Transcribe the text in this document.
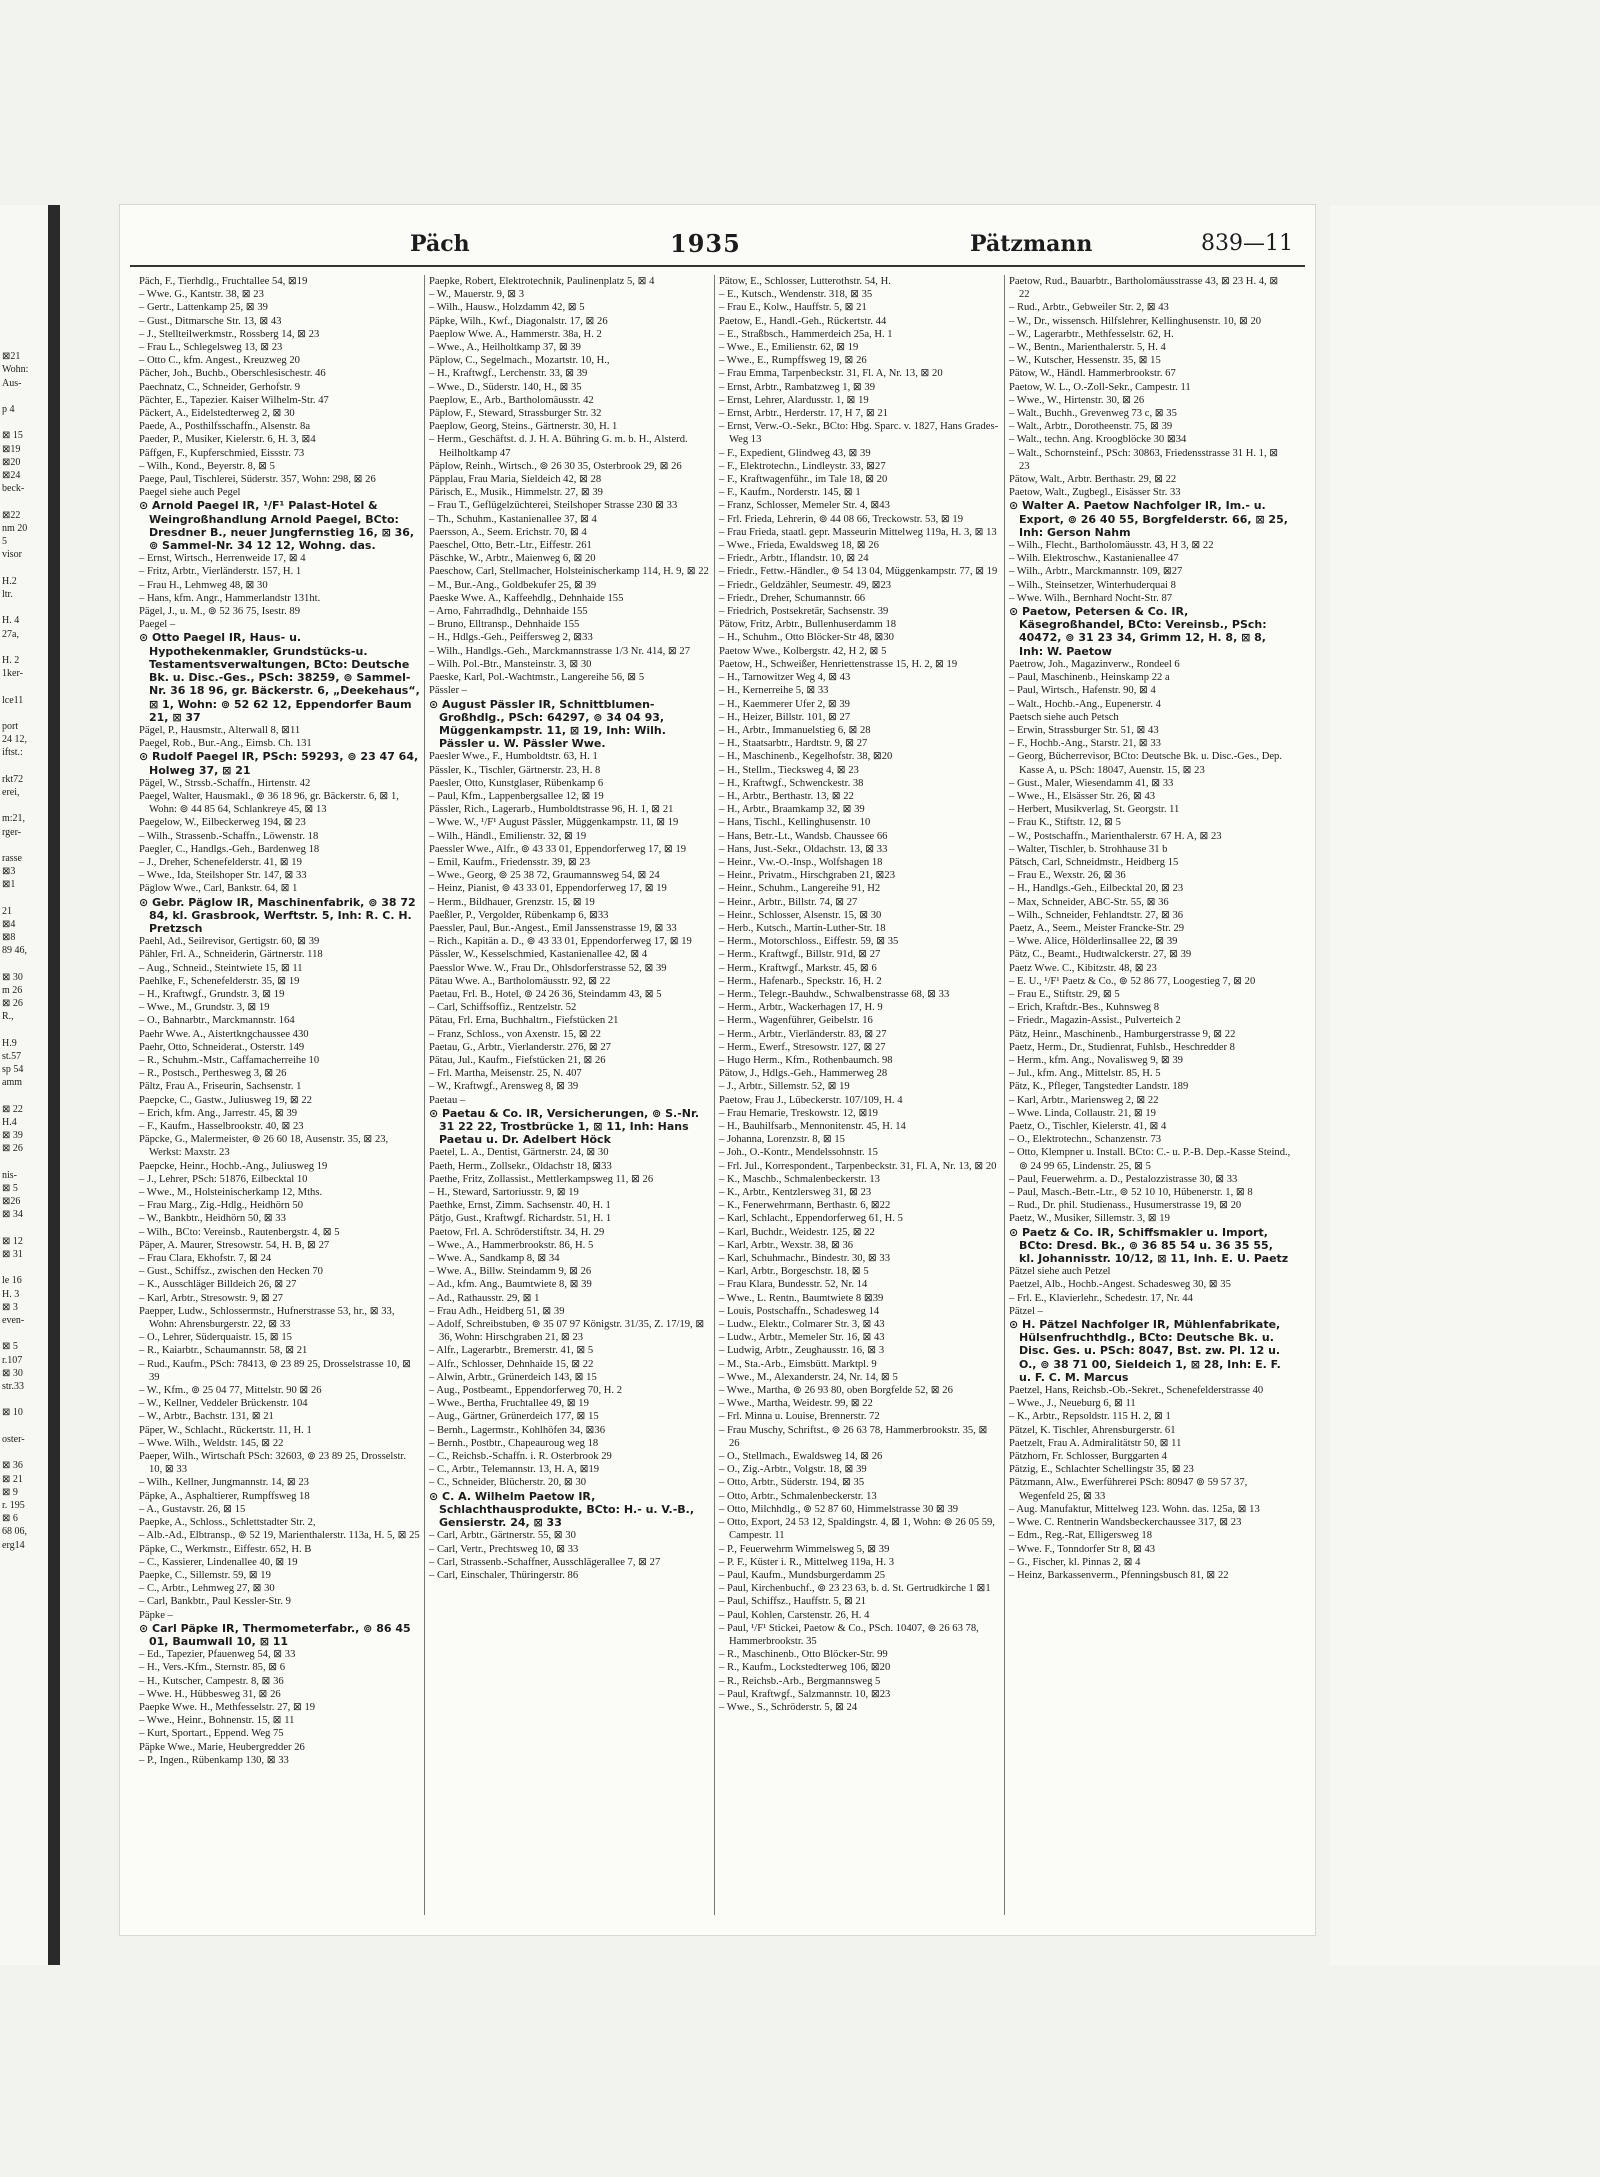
⊠21
Wohn:
Aus-

p 4

⊠ 15
⊠19
⊠20
⊠24
beck-

⊠22
nm 20
5
visor

H.2
ltr.

H. 4
27a,

H. 2
1ker-

lce11

port
24 12,
iftst.:

rkt72
erei,

m:21,
rger-

rasse
⊠3
⊠1

21
⊠4
⊠8
89 46,

⊠ 30
m 26
⊠ 26
R.,

H.9
st.57
sp 54
amm

⊠ 22
H.4
⊠ 39
⊠ 26

nis-
⊠ 5
⊠26
⊠ 34

⊠ 12
⊠ 31

le 16
H. 3
⊠ 3
even-

⊠ 5
r.107
⊠ 30
str.33

⊠ 10

oster-

⊠ 36
⊠ 21
⊠ 9
r. 195
⊠ 6
68 06,
erg14
Päch	1935	Pätzmann	839—11

Päch, F., Tierhdlg., Fruchtallee 54, ⊠19

– Wwe. G., Kantstr. 38, ⊠ 23

– Gertr., Lattenkamp 25, ⊠ 39

– Gust., Ditmarsche Str. 13, ⊠ 43

– J., Stellteilwerkmstr., Rossberg 14, ⊠ 23

– Frau L., Schlegelsweg 13, ⊠ 23

– Otto C., kfm. Angest., Kreuzweg 20

Pächer, Joh., Buchb., Oberschlesischestr. 46

Paechnatz, C., Schneider, Gerhofstr. 9

Pächter, E., Tapezier. Kaiser Wilhelm-Str. 47

Päckert, A., Eidelstedterweg 2, ⊠ 30

Paede, A., Posthilfsschaffn., Alsenstr. 8a

Paeder, P., Musiker, Kielerstr. 6, H. 3, ⊠4

Päffgen, F., Kupferschmied, Eissstr. 73

– Wilh., Kond., Beyerstr. 8, ⊠ 5

Paege, Paul, Tischlerei, Süderstr. 357, Wohn: 298, ⊠ 26

Paegel siehe auch Pegel

⊙ Arnold Paegel IR, ¹/F¹ Palast-Hotel & Weingroßhandlung Arnold Paegel, BCto: Dresdner B., neuer Jungfernstieg 16, ⊠ 36, ⊚ Sammel-Nr. 34 12 12, Wohng. das.

– Ernst, Wirtsch., Herrenweide 17, ⊠ 4

– Fritz, Arbtr., Vierländerstr. 157, H. 1

– Frau H., Lehmweg 48, ⊠ 30

– Hans, kfm. Angr., Hammerlandstr 131ht.

Pägel, J., u. M., ⊚ 52 36 75, Isestr. 89

Paegel –

⊙ Otto Paegel IR, Haus- u. Hypothekenmakler, Grundstücks-u. Testamentsverwaltungen, BCto: Deutsche Bk. u. Disc.-Ges., PSch: 38259, ⊚ Sammel-Nr. 36 18 96, gr. Bäckerstr. 6, „Deekehaus“, ⊠ 1, Wohn: ⊚ 52 62 12, Eppendorfer Baum 21, ⊠ 37

Pägel, P., Hausmstr., Alterwall 8, ⊠11

Paegel, Rob., Bur.-Ang., Eimsb. Ch. 131

⊙ Rudolf Paegel IR, PSch: 59293, ⊚ 23 47 64, Holweg 37, ⊠ 21

Pägel, W., Strssb.-Schaffn., Hirtenstr. 42

Paegel, Walter, Hausmakl., ⊚ 36 18 96, gr. Bäckerstr. 6, ⊠ 1, Wohn: ⊚ 44 85 64, Schlankreye 45, ⊠ 13

Paegelow, W., Eilbeckerweg 194, ⊠ 23

– Wilh., Strassenb.-Schaffn., Löwenstr. 18

Paegler, C., Handlgs.-Geh., Bardenweg 18

– J., Dreher, Schenefelderstr. 41, ⊠ 19

– Wwe., Ida, Steilshoper Str. 147, ⊠ 33

Päglow Wwe., Carl, Bankstr. 64, ⊠ 1

⊙ Gebr. Päglow IR, Maschinenfabrik, ⊚ 38 72 84, kl. Grasbrook, Werftstr. 5, Inh: R. C. H. Pretzsch

Paehl, Ad., Seilrevisor, Gertigstr. 60, ⊠ 39

Pähler, Frl. A., Schneiderin, Gärtnerstr. 118

– Aug., Schneid., Steintwiete 15, ⊠ 11

Paehlke, F., Schenefelderstr. 35, ⊠ 19

– H., Kraftwgf., Grundstr. 3, ⊠ 19

– Wwe., M., Grundstr. 3, ⊠ 19

– O., Bahnarbtr., Marckmannstr. 164

Paehr Wwe. A., Aistertkngchaussee 430

Paehr, Otto, Schneiderat., Osterstr. 149

– R., Schuhm.-Mstr., Caffamacherreihe 10

– R., Postsch., Perthesweg 3, ⊠ 26

Pältz, Frau A., Friseurin, Sachsenstr. 1

Paepcke, C., Gastw., Juliusweg 19, ⊠ 22

– Erich, kfm. Ang., Jarrestr. 45, ⊠ 39

– F., Kaufm., Hasselbrookstr. 40, ⊠ 23

Päpcke, G., Malermeister, ⊚ 26 60 18, Ausenstr. 35, ⊠ 23, Werkst: Maxstr. 23

Paepcke, Heinr., Hochb.-Ang., Juliusweg 19

– J., Lehrer, PSch: 51876, Eilbecktal 10

– Wwe., M., Holsteinischerkamp 12, Mths.

– Frau Marg., Zig.-Hdlg., Heidhörn 50

– W., Bankbtr., Heidhörn 50, ⊠ 33

– Wilh., BCto: Vereinsb., Rautenbergstr. 4, ⊠ 5

Päper, A. Maurer, Stresowstr. 54, H. B, ⊠ 27

– Frau Clara, Ekhofstr. 7, ⊠ 24

– Gust., Schiffsz., zwischen den Hecken 70

– K., Ausschläger Billdeich 26, ⊠ 27

– Karl, Arbtr., Stresowstr. 9, ⊠ 27

Paepper, Ludw., Schlossermstr., Hufnerstrasse 53, hr., ⊠ 33, Wohn: Ahrensburgerstr. 22, ⊠ 33

– O., Lehrer, Süderquaistr. 15, ⊠ 15

– R., Kaiarbtr., Schaumannstr. 58, ⊠ 21

– Rud., Kaufm., PSch: 78413, ⊚ 23 89 25, Drosselstrasse 10, ⊠ 39

– W., Kfm., ⊚ 25 04 77, Mittelstr. 90 ⊠ 26

– W., Kellner, Veddeler Brückenstr. 104

– W., Arbtr., Bachstr. 131, ⊠ 21

Päper, W., Schlacht., Rückertstr. 11, H. 1

– Wwe. Wilh., Weldstr. 145, ⊠ 22

Paeper, Wilh., Wirtschaft PSch: 32603, ⊚ 23 89 25, Drosselstr. 10, ⊠ 33

– Wilh., Kellner, Jungmannstr. 14, ⊠ 23

Päpke, A., Asphaltierer, Rumpffsweg 18

– A., Gustavstr. 26, ⊠ 15

Paepke, A., Schloss., Schlettstadter Str. 2,

– Alb.-Ad., Elbtransp., ⊚ 52 19, Marienthalerstr. 113a, H. 5, ⊠ 25

Päpke, C., Werkmstr., Eiffestr. 652, H. B

– C., Kassierer, Lindenallee 40, ⊠ 19

Paepke, C., Sillemstr. 59, ⊠ 19

– C., Arbtr., Lehmweg 27, ⊠ 30

– Carl, Bankbtr., Paul Kessler-Str. 9

Päpke –

⊙ Carl Päpke IR, Thermometerfabr., ⊚ 86 45 01, Baumwall 10, ⊠ 11

– Ed., Tapezier, Pfauenweg 54, ⊠ 33

– H., Vers.-Kfm., Sternstr. 85, ⊠ 6

– H., Kutscher, Campestr. 8, ⊠ 36

– Wwe. H., Hübbesweg 31, ⊠ 26

Paepke Wwe. H., Methfesselstr. 27, ⊠ 19

– Wwe., Heinr., Bohnenstr. 15, ⊠ 11

– Kurt, Sportart., Eppend. Weg 75

Päpke Wwe., Marie, Heubergredder 26

– P., Ingen., Rübenkamp 130, ⊠ 33

Paepke, Robert, Elektrotechnik, Paulinenplatz 5, ⊠ 4

– W., Mauerstr. 9, ⊠ 3

– Wilh., Hausw., Holzdamm 42, ⊠ 5

Päpke, Wilh., Kwf., Diagonalstr. 17, ⊠ 26

Paeplow Wwe. A., Hammerstr. 38a, H. 2

– Wwe., A., Heilholtkamp 37, ⊠ 39

Päplow, C., Segelmach., Mozartstr. 10, H.,

– H., Kraftwgf., Lerchenstr. 33, ⊠ 39

– Wwe., D., Süderstr. 140, H., ⊠ 35

Paeplow, E., Arb., Bartholomäusstr. 42

Päplow, F., Steward, Strassburger Str. 32

Paeplow, Georg, Steins., Gärtnerstr. 30, H. 1

– Herm., Geschäftst. d. J. H. A. Bühring G. m. b. H., Alsterd. Heilholtkamp 47

Päplow, Reinh., Wirtsch., ⊚ 26 30 35, Osterbrook 29, ⊠ 26

Päpplau, Frau Maria, Sieldeich 42, ⊠ 28

Pärisch, E., Musik., Himmelstr. 27, ⊠ 39

– Frau T., Geflügelzüchterei, Steilshoper Strasse 230 ⊠ 33

– Th., Schuhm., Kastanienallee 37, ⊠ 4

Paersson, A., Seem. Erichstr. 70, ⊠ 4

Paeschel, Otto, Betr.-Ltr., Eiffestr. 261

Päschke, W., Arbtr., Maienweg 6, ⊠ 20

Paeschow, Carl, Stellmacher, Holsteinischerkamp 114, H. 9, ⊠ 22

– M., Bur.-Ang., Goldbekufer 25, ⊠ 39

Paeske Wwe. A., Kaffeehdlg., Dehnhaide 155

– Arno, Fahrradhdlg., Dehnhaide 155

– Bruno, Elltransp., Dehnhaide 155

– H., Hdlgs.-Geh., Peiffersweg 2, ⊠33

– Wilh., Handlgs.-Geh., Marckmannstrasse 1/3 Nr. 414, ⊠ 27

– Wilh. Pol.-Btr., Mansteinstr. 3, ⊠ 30

Paeske, Karl, Pol.-Wachtmstr., Langereihe 56, ⊠ 5

Pässler –

⊙ August Pässler IR, Schnittblumen-Großhdlg., PSch: 64297, ⊚ 34 04 93, Müggenkampstr. 11, ⊠ 19, Inh: Wilh. Pässler u. W. Pässler Wwe.

Paesler Wwe., F., Humboldtstr. 63, H. 1

Pässler, K., Tischler, Gärtnerstr. 23, H. 8

Paesler, Otto, Kunstglaser, Rübenkamp 6

– Paul, Kfm., Lappenbergsallee 12, ⊠ 19

Pässler, Rich., Lagerarb., Humboldtstrasse 96, H. 1, ⊠ 21

– Wwe. W., ¹/F¹ August Pässler, Müggenkampstr. 11, ⊠ 19

– Wilh., Händl., Emilienstr. 32, ⊠ 19

Paessler Wwe., Alfr., ⊚ 43 33 01, Eppendorferweg 17, ⊠ 19

– Emil, Kaufm., Friedensstr. 39, ⊠ 23

– Wwe., Georg, ⊚ 25 38 72, Graumannsweg 54, ⊠ 24

– Heinz, Pianist, ⊚ 43 33 01, Eppendorferweg 17, ⊠ 19

– Herm., Bildhauer, Grenzstr. 15, ⊠ 19

Paeßler, P., Vergolder, Rübenkamp 6, ⊠33

Paessler, Paul, Bur.-Angest., Emil Janssenstrasse 19, ⊠ 33

– Rich., Kapitän a. D., ⊚ 43 33 01, Eppendorferweg 17, ⊠ 19

Pässler, W., Kesselschmied, Kastanienallee 42, ⊠ 4

Paesslor Wwe. W., Frau Dr., Ohlsdorferstrasse 52, ⊠ 39

Pätau Wwe. A., Bartholomäusstr. 92, ⊠ 22

Paetau, Frl. B., Hotel, ⊚ 24 26 36, Steindamm 43, ⊠ 5

– Carl, Schiffsoffiz., Rentzelstr. 52

Pätau, Frl. Erna, Buchhaltrn., Fiefstücken 21

– Franz, Schloss., von Axenstr. 15, ⊠ 22

Paetau, G., Arbtr., Vierlanderstr. 276, ⊠ 27

Pätau, Jul., Kaufm., Fiefstücken 21, ⊠ 26

– Frl. Martha, Meisenstr. 25, N. 407

– W., Kraftwgf., Arensweg 8, ⊠ 39

Paetau –

⊙ Paetau & Co. IR, Versicherungen, ⊚ S.-Nr. 31 22 22, Trostbrücke 1, ⊠ 11, Inh: Hans Paetau u. Dr. Adelbert Höck

Paetel, L. A., Dentist, Gärtnerstr. 24, ⊠ 30

Paeth, Herm., Zollsekr., Oldachstr 18, ⊠33

Paethe, Fritz, Zollassist., Mettlerkampsweg 11, ⊠ 26

– H., Steward, Sartoriusstr. 9, ⊠ 19

Paethke, Ernst, Zimm. Sachsenstr. 40, H. 1

Pätjo, Gust., Kraftwgf. Richardstr. 51, H. 1

Paetow, Frl. A. Schröderstiftstr. 34, H. 29

– Wwe., A., Hammerbrookstr. 86, H. 5

– Wwe. A., Sandkamp 8, ⊠ 34

– Wwe. A., Billw. Steindamm 9, ⊠ 26

– Ad., kfm. Ang., Baumtwiete 8, ⊠ 39

– Ad., Rathausstr. 29, ⊠ 1

– Frau Adh., Heidberg 51, ⊠ 39

– Adolf, Schreibstuben, ⊚ 35 07 97 Königstr. 31/35, Z. 17/19, ⊠ 36, Wohn: Hirschgraben 21, ⊠ 23

– Alfr., Lagerarbtr., Bremerstr. 41, ⊠ 5

– Alfr., Schlosser, Dehnhaide 15, ⊠ 22

– Alwin, Arbtr., Grünerdeich 143, ⊠ 15

– Aug., Postbeamt., Eppendorferweg 70, H. 2

– Wwe., Bertha, Fruchtallee 49, ⊠ 19

– Aug., Gärtner, Grünerdeich 177, ⊠ 15

– Bernh., Lagermstr., Kohlhöfen 34, ⊠36

– Bernh., Postbtr., Chapeauroug weg 18

– C., Reichsb.-Schaffn. i. R. Osterbrook 29

– C., Arbtr., Telemannstr. 13, H. A, ⊠19

– C., Schneider, Blücherstr. 20, ⊠ 30

⊙ C. A. Wilhelm Paetow IR, Schlachthausprodukte, BCto: H.- u. V.-B., Gensierstr. 24, ⊠ 33

– Carl, Arbtr., Gärtnerstr. 55, ⊠ 30

– Carl, Vertr., Prechtsweg 10, ⊠ 33

– Carl, Strassenb.-Schaffner, Ausschlägerallee 7, ⊠ 27

– Carl, Einschaler, Thüringerstr. 86

Pätow, E., Schlosser, Lutterothstr. 54, H.

– E., Kutsch., Wendenstr. 318, ⊠ 35

– Frau E., Kolw., Hauffstr. 5, ⊠ 21

Paetow, E., Handl.-Geh., Rückertstr. 44

– E., Straßbsch., Hammerdeich 25a, H. 1

– Wwe., E., Emilienstr. 62, ⊠ 19

– Wwe., E., Rumpffsweg 19, ⊠ 26

– Frau Emma, Tarpenbeckstr. 31, Fl. A, Nr. 13, ⊠ 20

– Ernst, Arbtr., Rambatzweg 1, ⊠ 39

– Ernst, Lehrer, Alardusstr. 1, ⊠ 19

– Ernst, Arbtr., Herderstr. 17, H 7, ⊠ 21

– Ernst, Verw.-O.-Sekr., BCto: Hbg. Sparc. v. 1827, Hans Grades-Weg 13

– F., Expedient, Glindweg 43, ⊠ 39

– F., Elektrotechn., Lindleystr. 33, ⊠27

– F., Kraftwagenführ., im Tale 18, ⊠ 20

– F., Kaufm., Norderstr. 145, ⊠ 1

– Franz, Schlosser, Memeler Str. 4, ⊠43

– Frl. Frieda, Lehrerin, ⊚ 44 08 66, Treckowstr. 53, ⊠ 19

– Frau Frieda, staatl. gepr. Masseurin Mittelweg 119a, H. 3, ⊠ 13

– Wwe., Frieda, Ewaldsweg 18, ⊠ 26

– Friedr., Arbtr., Iflandstr. 10, ⊠ 24

– Friedr., Fettw.-Händler., ⊚ 54 13 04, Müggenkampstr. 77, ⊠ 19

– Friedr., Geldzähler, Seumestr. 49, ⊠23

– Friedr., Dreher, Schumannstr. 66

– Friedrich, Postsekretär, Sachsenstr. 39

Pätow, Fritz, Arbtr., Bullenhuserdamm 18

– H., Schuhm., Otto Blöcker-Str 48, ⊠30

Paetow Wwe., Kolbergstr. 42, H 2, ⊠ 5

Paetow, H., Schweißer, Henriettenstrasse 15, H. 2, ⊠ 19

– H., Tarnowitzer Weg 4, ⊠ 43

– H., Kernerreihe 5, ⊠ 33

– H., Kaemmerer Ufer 2, ⊠ 39

– H., Heizer, Billstr. 101, ⊠ 27

– H., Arbtr., Immanuelstieg 6, ⊠ 28

– H., Staatsarbtr., Hardtstr. 9, ⊠ 27

– H., Maschinenb., Kegelhofstr. 38, ⊠20

– H., Stellm., Tiecksweg 4, ⊠ 23

– H., Kraftwgf., Schwenckestr. 38

– H., Arbtr., Berthastr. 13, ⊠ 22

– H., Arbtr., Braamkamp 32, ⊠ 39

– Hans, Tischl., Kellinghusenstr. 10

– Hans, Betr.-Lt., Wandsb. Chaussee 66

– Hans, Just.-Sekr., Oldachstr. 13, ⊠ 33

– Heinr., Vw.-O.-Insp., Wolfshagen 18

– Heinr., Privatm., Hirschgraben 21, ⊠23

– Heinr., Schuhm., Langereihe 91, H2

– Heinr., Arbtr., Billstr. 74, ⊠ 27

– Heinr., Schlosser, Alsenstr. 15, ⊠ 30

– Herb., Kutsch., Martin-Luther-Str. 18

– Herm., Motorschloss., Eiffestr. 59, ⊠ 35

– Herm., Kraftwgf., Billstr. 91d, ⊠ 27

– Herm., Kraftwgf., Markstr. 45, ⊠ 6

– Herm., Hafenarb., Speckstr. 16, H. 2

– Herm., Telegr.-Bauhdw., Schwalbenstrasse 68, ⊠ 33

– Herm., Arbtr., Wackerhagen 17, H. 9

– Herm., Wagenführer, Geibelstr. 16

– Herm., Arbtr., Vierländerstr. 83, ⊠ 27

– Herm., Ewerf., Stresowstr. 127, ⊠ 27

– Hugo Herm., Kfm., Rothenbaumch. 98

Pätow, J., Hdlgs.-Geh., Hammerweg 28

– J., Arbtr., Sillemstr. 52, ⊠ 19

Paetow, Frau J., Lübeckerstr. 107/109, H. 4

– Frau Hemarie, Treskowstr. 12, ⊠19

– H., Bauhilfsarb., Mennonitenstr. 45, H. 14

– Johanna, Lorenzstr. 8, ⊠ 15

– Joh., O.-Kontr., Mendelssohnstr. 15

– Frl. Jul., Korrespondent., Tarpenbeckstr. 31, Fl. A, Nr. 13, ⊠ 20

– K., Maschb., Schmalenbeckerstr. 13

– K., Arbtr., Kentzlersweg 31, ⊠ 23

– K., Fenerwehrmann, Berthastr. 6, ⊠22

– Karl, Schlacht., Eppendorferweg 61, H. 5

– Karl, Buchdr., Weidestr. 125, ⊠ 22

– Karl, Arbtr., Wexstr. 38, ⊠ 36

– Karl, Schuhmachr., Bindestr. 30, ⊠ 33

– Karl, Arbtr., Borgeschstr. 18, ⊠ 5

– Frau Klara, Bundesstr. 52, Nr. 14

– Wwe., L. Rentn., Baumtwiete 8 ⊠39

– Louis, Postschaffn., Schadesweg 14

– Ludw., Elektr., Colmarer Str. 3, ⊠ 43

– Ludw., Arbtr., Memeler Str. 16, ⊠ 43

– Ludwig, Arbtr., Zeughausstr. 16, ⊠ 3

– M., Sta.-Arb., Eimsbütt. Marktpl. 9

– Wwe., M., Alexanderstr. 24, Nr. 14, ⊠ 5

– Wwe., Martha, ⊚ 26 93 80, oben Borgfelde 52, ⊠ 26

– Wwe., Martha, Weidestr. 99, ⊠ 22

– Frl. Minna u. Louise, Brennerstr. 72

– Frau Muschy, Schriftst., ⊚ 26 63 78, Hammerbrookstr. 35, ⊠ 26

– O., Stellmach., Ewaldsweg 14, ⊠ 26

– O., Zig.-Arbtr., Volgstr. 18, ⊠ 39

– Otto, Arbtr., Süderstr. 194, ⊠ 35

– Otto, Arbtr., Schmalenbeckerstr. 13

– Otto, Milchhdlg., ⊚ 52 87 60, Himmelstrasse 30 ⊠ 39

– Otto, Export, 24 53 12, Spaldingstr. 4, ⊠ 1, Wohn: ⊚ 26 05 59, Campestr. 11

– P., Feuerwehrm Wimmelsweg 5, ⊠ 39

– P. F., Küster i. R., Mittelweg 119a, H. 3

– Paul, Kaufm., Mundsburgerdamm 25

– Paul, Kirchenbuchf., ⊚ 23 23 63, b. d. St. Gertrudkirche 1 ⊠1

– Paul, Schiffsz., Hauffstr. 5, ⊠ 21

– Paul, Kohlen, Carstenstr. 26, H. 4

– Paul, ¹/F¹ Stickei, Paetow & Co., PSch. 10407, ⊚ 26 63 78, Hammerbrookstr. 35

– R., Maschinenb., Otto Blöcker-Str. 99

– R., Kaufm., Lockstedterweg 106, ⊠20

– R., Reichsb.-Arb., Bergmannsweg 5

– Paul, Kraftwgf., Salzmannstr. 10, ⊠23

– Wwe., S., Schröderstr. 5, ⊠ 24

Paetow, Rud., Bauarbtr., Bartholomäusstrasse 43, ⊠ 23 H. 4, ⊠ 22

– Rud., Arbtr., Gebweiler Str. 2, ⊠ 43

– W., Dr., wissensch. Hilfslehrer, Kellinghusenstr. 10, ⊠ 20

– W., Lagerarbtr., Methfesselstr. 62, H.

– W., Bentn., Marienthalerstr. 5, H. 4

– W., Kutscher, Hessenstr. 35, ⊠ 15

Pätow, W., Händl. Hammerbrookstr. 67

Paetow, W. L., O.-Zoll-Sekr., Campestr. 11

– Wwe., W., Hirtenstr. 30, ⊠ 26

– Walt., Buchh., Grevenweg 73 c, ⊠ 35

– Walt., Arbtr., Dorotheenstr. 75, ⊠ 39

– Walt., techn. Ang. Kroogblöcke 30 ⊠34

– Walt., Schornsteinf., PSch: 30863, Friedensstrasse 31 H. 1, ⊠ 23

Pätow, Walt., Arbtr. Berthastr. 29, ⊠ 22

Paetow, Walt., Zugbegl., Eisässer Str. 33

⊙ Walter A. Paetow Nachfolger IR, Im.- u. Export, ⊚ 26 40 55, Borgfelderstr. 66, ⊠ 25, Inh: Gerson Nahm

– Wilh., Flecht., Bartholomäusstr. 43, H 3, ⊠ 22

– Wilh. Elektroschw., Kastanienallee 47

– Wilh., Arbtr., Marckmannstr. 109, ⊠27

– Wilh., Steinsetzer, Winterhuderquai 8

– Wwe. Wilh., Bernhard Nocht-Str. 87

⊙ Paetow, Petersen & Co. IR, Käsegroßhandel, BCto: Vereinsb., PSch: 40472, ⊚ 31 23 34, Grimm 12, H. 8, ⊠ 8, Inh: W. Paetow

Paetrow, Joh., Magazinverw., Rondeel 6

– Paul, Maschinenb., Heinskamp 22 a

– Paul, Wirtsch., Hafenstr. 90, ⊠ 4

– Walt., Hochb.-Ang., Eupenerstr. 4

Paetsch siehe auch Petsch

– Erwin, Strassburger Str. 51, ⊠ 43

– F., Hochb.-Ang., Starstr. 21, ⊠ 33

– Georg, Bücherrevisor, BCto: Deutsche Bk. u. Disc.-Ges., Dep. Kasse A, u. PSch: 18047, Auenstr. 15, ⊠ 23

– Gust., Maler, Wiesendamm 41, ⊠ 33

– Wwe., H., Elsässer Str. 26, ⊠ 43

– Herbert, Musikverlag, St. Georgstr. 11

– Frau K., Stiftstr. 12, ⊠ 5

– W., Postschaffn., Marienthalerstr. 67 H. A, ⊠ 23

– Walter, Tischler, b. Strohhause 31 b

Pätsch, Carl, Schneidmstr., Heidberg 15

– Frau E., Wexstr. 26, ⊠ 36

– H., Handlgs.-Geh., Eilbecktal 20, ⊠ 23

– Max, Schneider, ABC-Str. 55, ⊠ 36

– Wilh., Schneider, Fehlandtstr. 27, ⊠ 36

Paetz, A., Seem., Meister Francke-Str. 29

– Wwe. Alice, Hölderlinsallee 22, ⊠ 39

Pätz, C., Beamt., Hudtwalckerstr. 27, ⊠ 39

Paetz Wwe. C., Kibitzstr. 48, ⊠ 23

– E. U., ¹/F¹ Paetz & Co., ⊚ 52 86 77, Loogestieg 7, ⊠ 20

– Frau E., Stiftstr. 29, ⊠ 5

– Erich, Kraftdr.-Bes., Kuhnsweg 8

– Friedr., Magazin-Assist., Pulverteich 2

Pätz, Heinr., Maschinenb., Hamburgerstrasse 9, ⊠ 22

Paetz, Herm., Dr., Studienrat, Fuhlsb., Heschredder 8

– Herm., kfm. Ang., Novalisweg 9, ⊠ 39

– Jul., kfm. Ang., Mittelstr. 85, H. 5

Pätz, K., Pfleger, Tangstedter Landstr. 189

– Karl, Arbtr., Mariensweg 2, ⊠ 22

– Wwe. Linda, Collaustr. 21, ⊠ 19

Paetz, O., Tischler, Kielerstr. 41, ⊠ 4

– O., Elektrotechn., Schanzenstr. 73

– Otto, Klempner u. Install. BCto: C.- u. P.-B. Dep.-Kasse Steind., ⊚ 24 99 65, Lindenstr. 25, ⊠ 5

– Paul, Feuerwehrm. a. D., Pestalozzistrasse 30, ⊠ 33

– Paul, Masch.-Betr.-Ltr., ⊚ 52 10 10, Hübenerstr. 1, ⊠ 8

– Rud., Dr. phil. Studienass., Husumerstrasse 19, ⊠ 20

Paetz, W., Musiker, Sillemstr. 3, ⊠ 19

⊙ Paetz & Co. IR, Schiffsmakler u. Import, BCto: Dresd. Bk., ⊚ 36 85 54 u. 36 35 55, kl. Johannisstr. 10/12, ⊠ 11, Inh. E. U. Paetz

Pätzel siehe auch Petzel

Paetzel, Alb., Hochb.-Angest. Schadesweg 30, ⊠ 35

– Frl. E., Klavierlehr., Schedestr. 17, Nr. 44

Pätzel –

⊙ H. Pätzel Nachfolger IR, Mühlenfabrikate, Hülsenfruchthdlg., BCto: Deutsche Bk. u. Disc. Ges. u. PSch: 8047, Bst. zw. Pl. 12 u. O., ⊚ 38 71 00, Sieldeich 1, ⊠ 28, Inh: E. F. u. F. C. M. Marcus

Paetzel, Hans, Reichsb.-Ob.-Sekret., Schenefelderstrasse 40

– Wwe., J., Neueburg 6, ⊠ 11

– K., Arbtr., Repsoldstr. 115 H. 2, ⊠ 1

Pätzel, K. Tischler, Ahrensburgerstr. 61

Paetzelt, Frau A. Admiralitätstr 50, ⊠ 11

Pätzhorn, Fr. Schlosser, Burggarten 4

Pätzig, E., Schlachter Schellingstr 35, ⊠ 23

Pätzmann, Alw., Ewerführerei PSch: 80947 ⊚ 59 57 37, Wegenfeld 25, ⊠ 33

– Aug. Manufaktur, Mittelweg 123. Wohn. das. 125a, ⊠ 13

– Wwe. C. Rentnerin Wandsbeckerchaussee 317, ⊠ 23

– Edm., Reg.-Rat, Elligersweg 18

– Wwe. F., Tonndorfer Str 8, ⊠ 43

– G., Fischer, kl. Pinnas 2, ⊠ 4

– Heinz, Barkassenverm., Pfenningsbusch 81, ⊠ 22
